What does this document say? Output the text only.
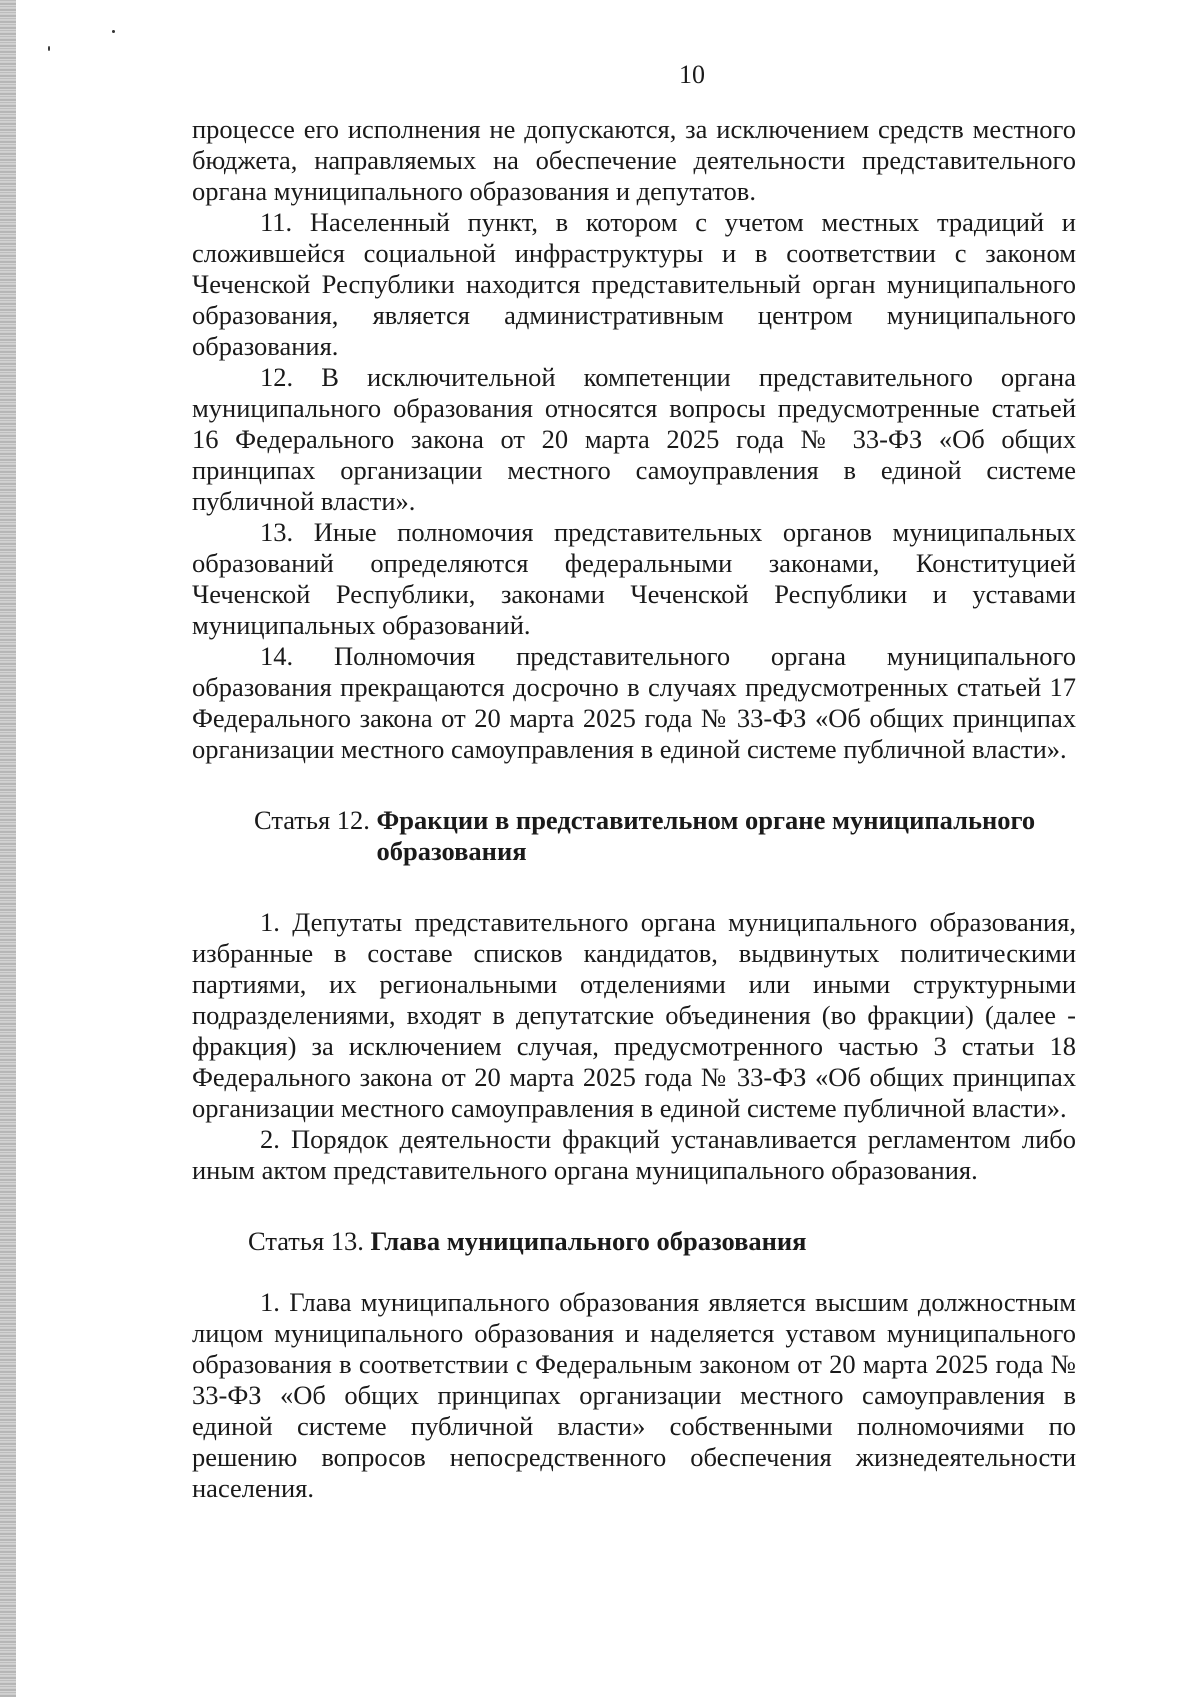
10

процессе его исполнения не допускаются, за исключением средств местного бюджета, направляемых на обеспечение деятельности представительного органа муниципального образования и депутатов.

11. Населенный пункт, в котором с учетом местных традиций и сложившейся социальной инфраструктуры и в соответствии с законом Чеченской Республики находится представительный орган муниципального образования, является административным центром муниципального образования.

12. В исключительной компетенции представительного органа муниципального образования относятся вопросы предусмотренные статьей 16 Федерального закона от 20 марта 2025 года № 33-ФЗ «Об общих принципах организации местного самоуправления в единой системе публичной власти».

13. Иные полномочия представительных органов муниципальных образований определяются федеральными законами, Конституцией Чеченской Республики, законами Чеченской Республики и уставами муниципальных образований.

14. Полномочия представительного органа муниципального образования прекращаются досрочно в случаях предусмотренных статьей 17 Федерального закона от 20 марта 2025 года № 33-ФЗ «Об общих принципах организации местного самоуправления в единой системе публичной власти».

Статья 12. Фракции в представительном органе муниципального образования

1. Депутаты представительного органа муниципального образования, избранные в составе списков кандидатов, выдвинутых политическими партиями, их региональными отделениями или иными структурными подразделениями, входят в депутатские объединения (во фракции) (далее - фракция) за исключением случая, предусмотренного частью 3 статьи 18 Федерального закона от 20 марта 2025 года № 33-ФЗ «Об общих принципах организации местного самоуправления в единой системе публичной власти».

2. Порядок деятельности фракций устанавливается регламентом либо иным актом представительного органа муниципального образования.

Статья 13. Глава муниципального образования

1. Глава муниципального образования является высшим должностным лицом муниципального образования и наделяется уставом муниципального образования в соответствии с Федеральным законом от 20 марта 2025 года № 33-ФЗ «Об общих принципах организации местного самоуправления в единой системе публичной власти» собственными полномочиями по решению вопросов непосредственного обеспечения жизнедеятельности населения.
